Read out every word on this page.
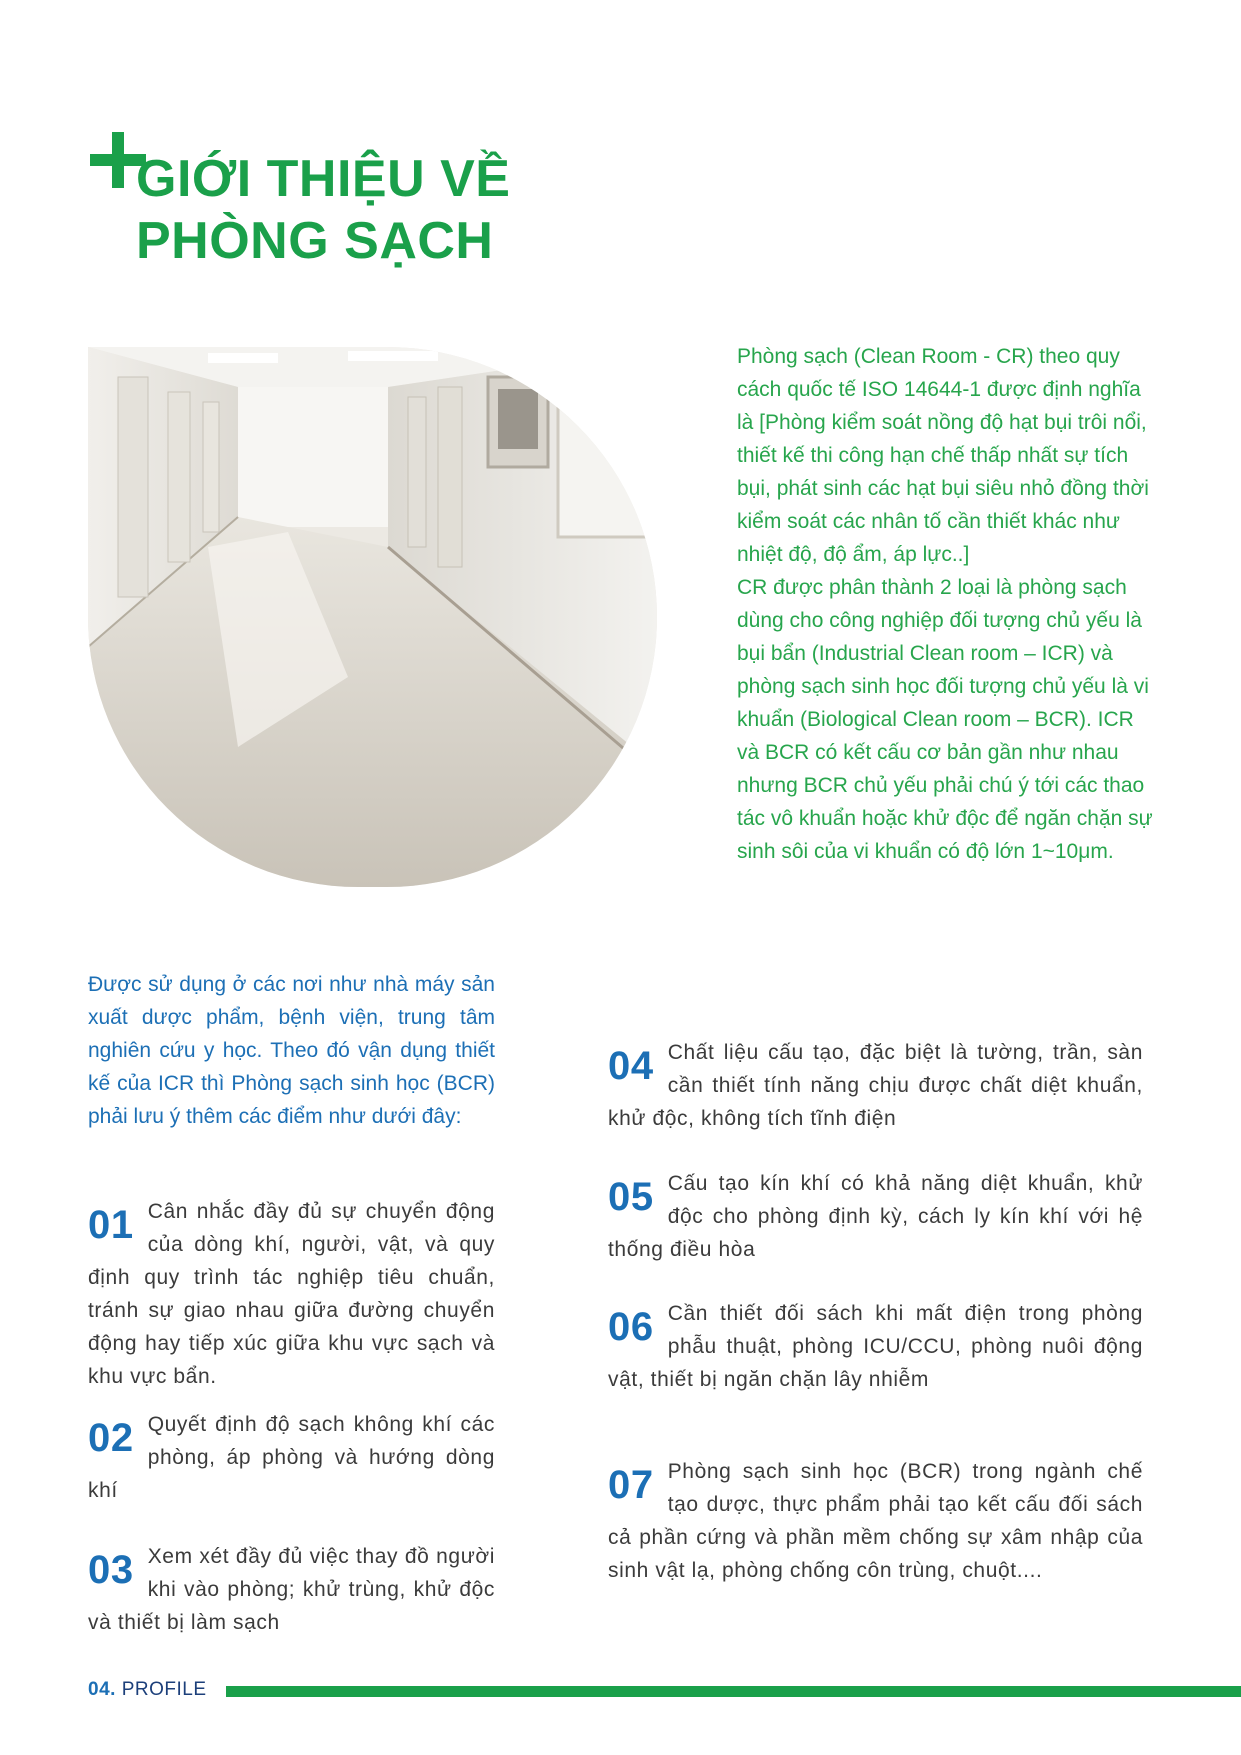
GIỚI THIỆU VỀ
PHÒNG SẠCH

Phòng sạch (Clean Room - CR) theo quy cách quốc tế ISO 14644-1 được định nghĩa là [Phòng kiểm soát nồng độ hạt bụi trôi nổi, thiết kế thi công hạn chế thấp nhất sự tích bụi, phát sinh các hạt bụi siêu nhỏ đồng thời kiểm soát các nhân tố cần thiết khác như nhiệt độ, độ ẩm, áp lực..]

CR được phân thành 2 loại là phòng sạch dùng cho công nghiệp đối tượng chủ yếu là bụi bẩn (Industrial Clean room – ICR) và phòng sạch sinh học đối tượng chủ yếu là vi khuẩn (Biological Clean room – BCR). ICR và BCR có kết cấu cơ bản gần như nhau nhưng BCR chủ yếu phải chú ý tới các thao tác vô khuẩn hoặc khử độc để ngăn chặn sự sinh sôi của vi khuẩn có độ lớn 1~10μm.

Được sử dụng ở các nơi như nhà máy sản xuất dược phẩm, bệnh viện, trung tâm nghiên cứu y học. Theo đó vận dụng thiết kế của ICR thì Phòng sạch sinh học (BCR) phải lưu ý thêm các điểm như dưới đây:

01 Cân nhắc đầy đủ sự chuyển động của dòng khí, người, vật, và quy định quy trình tác nghiệp tiêu chuẩn, tránh sự giao nhau giữa đường chuyển động hay tiếp xúc giữa khu vực sạch và khu vực bẩn.
02 Quyết định độ sạch không khí các phòng, áp phòng và hướng dòng khí
03 Xem xét đầy đủ việc thay đồ người khi vào phòng; khử trùng, khử độc và thiết bị làm sạch
04 Chất liệu cấu tạo, đặc biệt là tường, trần, sàn cần thiết tính năng chịu được chất diệt khuẩn, khử độc, không tích tĩnh điện
05 Cấu tạo kín khí có khả năng diệt khuẩn, khử độc cho phòng định kỳ, cách ly kín khí với hệ thống điều hòa
06 Cần thiết đối sách khi mất điện trong phòng phẫu thuật, phòng ICU/CCU, phòng nuôi động vật, thiết bị ngăn chặn lây nhiễm
07 Phòng sạch sinh học (BCR) trong ngành chế tạo dược, thực phẩm phải tạo kết cấu đối sách cả phần cứng và phần mềm chống sự xâm nhập của sinh vật lạ, phòng chống côn trùng, chuột....
04. PROFILE
